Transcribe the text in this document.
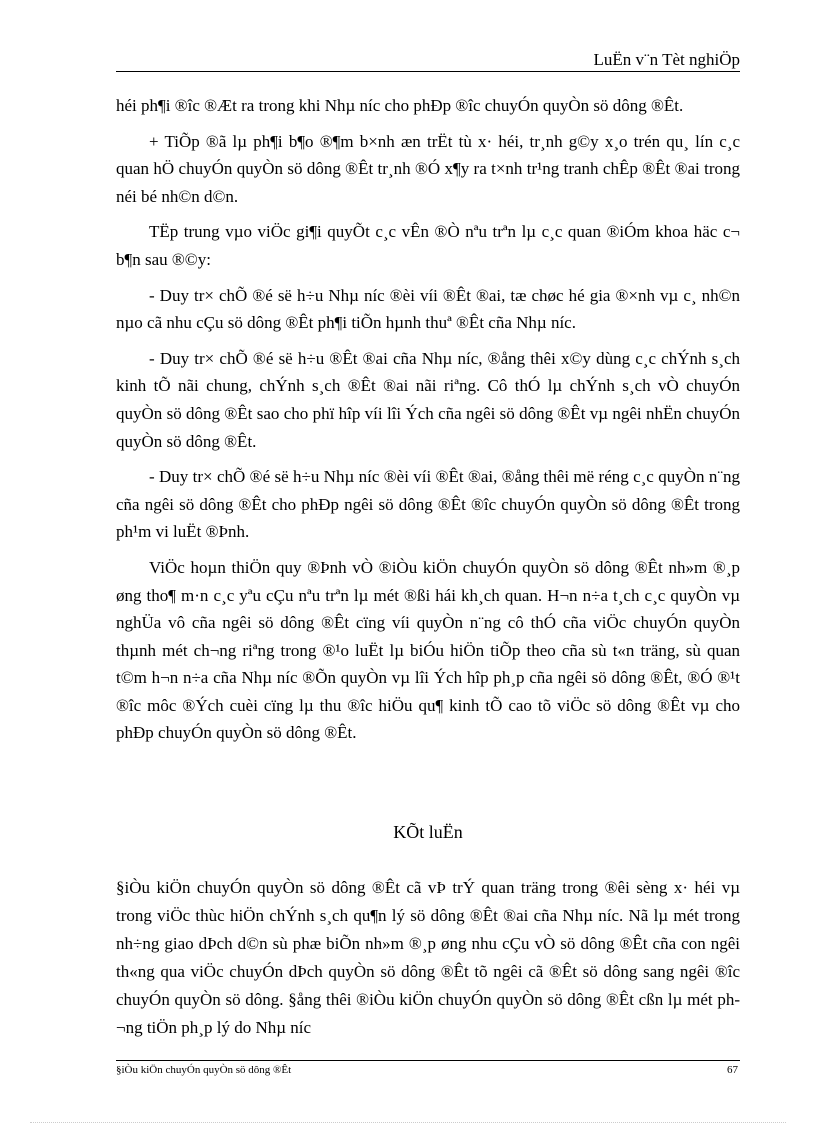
LuËn v¨n Tèt nghiÖp

héi ph¶i ®îc ®Æt ra trong khi Nhµ níc cho phÐp ®îc chuyÓn quyÒn sö dông ®Êt.

+ TiÕp ®ã lµ ph¶i b¶o ®¶m b×nh æn trËt tù x· héi, tr¸nh g©y x¸o trén qu¸ lín c¸c quan hÖ chuyÓn quyÒn sö dông ®Êt tr¸nh ®Ó x¶y ra t×nh tr¹ng tranh chÊp ®Êt ®ai trong néi bé nh©n d©n.

TËp trung vµo viÖc gi¶i quyÕt c¸c vÊn ®Ò nªu trªn lµ c¸c quan ®iÓm khoa häc c¬ b¶n sau ®©y:

- Duy tr× chÕ ®é së h÷u Nhµ níc ®èi víi ®Êt ®ai, tæ chøc hé gia ®×nh vµ c¸ nh©n nµo cã nhu cÇu sö dông ®Êt ph¶i tiÕn hµnh thuª ®Êt cña Nhµ níc.

- Duy tr× chÕ ®é së h÷u ®Êt ®ai cña Nhµ níc, ®ång thêi x©y dùng c¸c chÝnh s¸ch kinh tÕ nãi chung, chÝnh s¸ch ®Êt ®ai nãi riªng. Cô thÓ lµ chÝnh s¸ch vÒ chuyÓn quyÒn sö dông ®Êt sao cho phï hîp víi lîi Ých cña ngêi sö dông ®Êt vµ ngêi nhËn chuyÓn quyÒn sö dông ®Êt.

- Duy tr× chÕ ®é së h÷u Nhµ níc ®èi víi ®Êt ®ai, ®ång thêi më réng c¸c quyÒn n¨ng cña ngêi sö dông ®Êt cho phÐp ngêi sö dông ®Êt ®îc chuyÓn quyÒn sö dông ®Êt trong ph¹m vi luËt ®Þnh.

ViÖc hoµn thiÖn quy ®Þnh vÒ ®iÒu kiÖn chuyÓn quyÒn sö dông ®Êt nh»m ®¸p øng tho¶ m·n c¸c yªu cÇu nªu trªn lµ mét ®ßi hái kh¸ch quan. H¬n n÷a t¸ch c¸c quyÒn vµ nghÜa vô cña ngêi sö dông ®Êt cïng víi quyÒn n¨ng cô thÓ cña viÖc chuyÓn quyÒn thµnh mét ch¬ng riªng trong ®¹o luËt lµ biÓu hiÖn tiÕp theo cña sù t«n träng, sù quan t©m h¬n n÷a cña Nhµ níc ®Õn quyÒn vµ lîi Ých hîp ph¸p cña ngêi sö dông ®Êt, ®Ó ®¹t ®îc môc ®Ých cuèi cïng lµ thu ®îc hiÖu qu¶ kinh tÕ cao tõ viÖc sö dông ®Êt vµ cho phÐp chuyÓn quyÒn sö dông ®Êt.

KÕt luËn

§iÒu kiÖn chuyÓn quyÒn sö dông ®Êt cã vÞ trÝ quan träng trong ®êi sèng x· héi vµ trong viÖc thùc hiÖn chÝnh s¸ch qu¶n lý sö dông ®Êt ®ai cña Nhµ níc. Nã lµ mét trong nh÷ng giao dÞch d©n sù phæ biÕn nh»m ®¸p øng nhu cÇu vÒ sö dông ®Êt cña con ngêi th«ng qua viÖc chuyÓn dÞch quyÒn sö dông ®Êt tõ ngêi cã ®Êt sö dông sang ngêi ®îc chuyÓn quyÒn sö dông. §ång thêi ®iÒu kiÖn chuyÓn quyÒn sö dông ®Êt cßn lµ mét ph¬ng tiÖn ph¸p lý do Nhµ níc

§iÒu kiÖn chuyÓn quyÒn sö dông ®Êt	67
